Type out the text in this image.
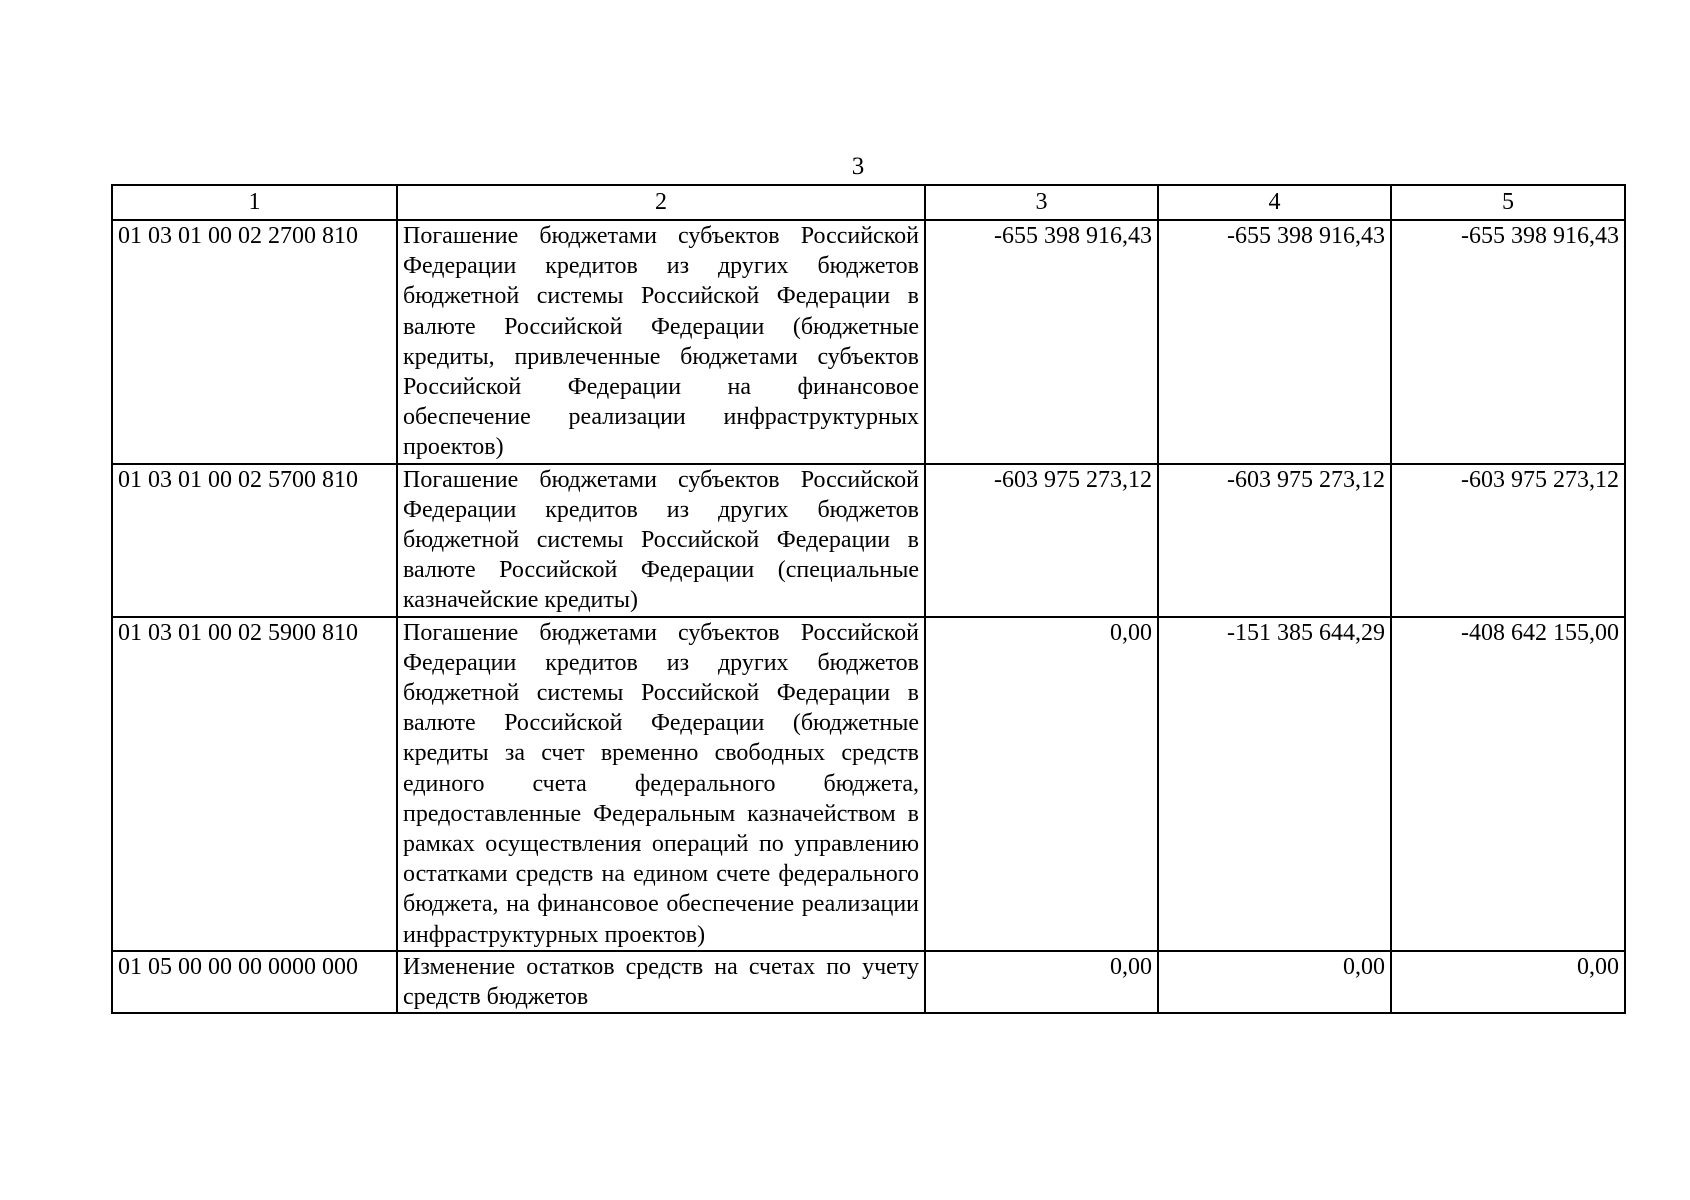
3
1	2	3	4	5
01 03 01 00 02 2700 810	Погашение бюджетами субъектов Российской Федерации кредитов из других бюджетов бюджетной системы Российской Федерации в валюте Российской Федерации (бюджетные кредиты, привлеченные бюджетами субъектов Российской Федерации на финансовое обеспечение реализации инфраструктурных проектов)	-655 398 916,43	-655 398 916,43	-655 398 916,43
01 03 01 00 02 5700 810	Погашение бюджетами субъектов Российской Федерации кредитов из других бюджетов бюджетной системы Российской Федерации в валюте Российской Федерации (специальные казначейские кредиты)	-603 975 273,12	-603 975 273,12	-603 975 273,12
01 03 01 00 02 5900 810	Погашение бюджетами субъектов Российской Федерации кредитов из других бюджетов бюджетной системы Российской Федерации в валюте Российской Федерации (бюджетные кредиты за счет временно свободных средств единого счета федерального бюджета, предоставленные Федеральным казначейством в рамках осуществления операций по управлению остатками средств на едином счете федерального бюджета, на финансовое обеспечение реализации инфраструктурных проектов)	0,00	-151 385 644,29	-408 642 155,00
01 05 00 00 00 0000 000	Изменение остатков средств на счетах по учету средств бюджетов	0,00	0,00	0,00
